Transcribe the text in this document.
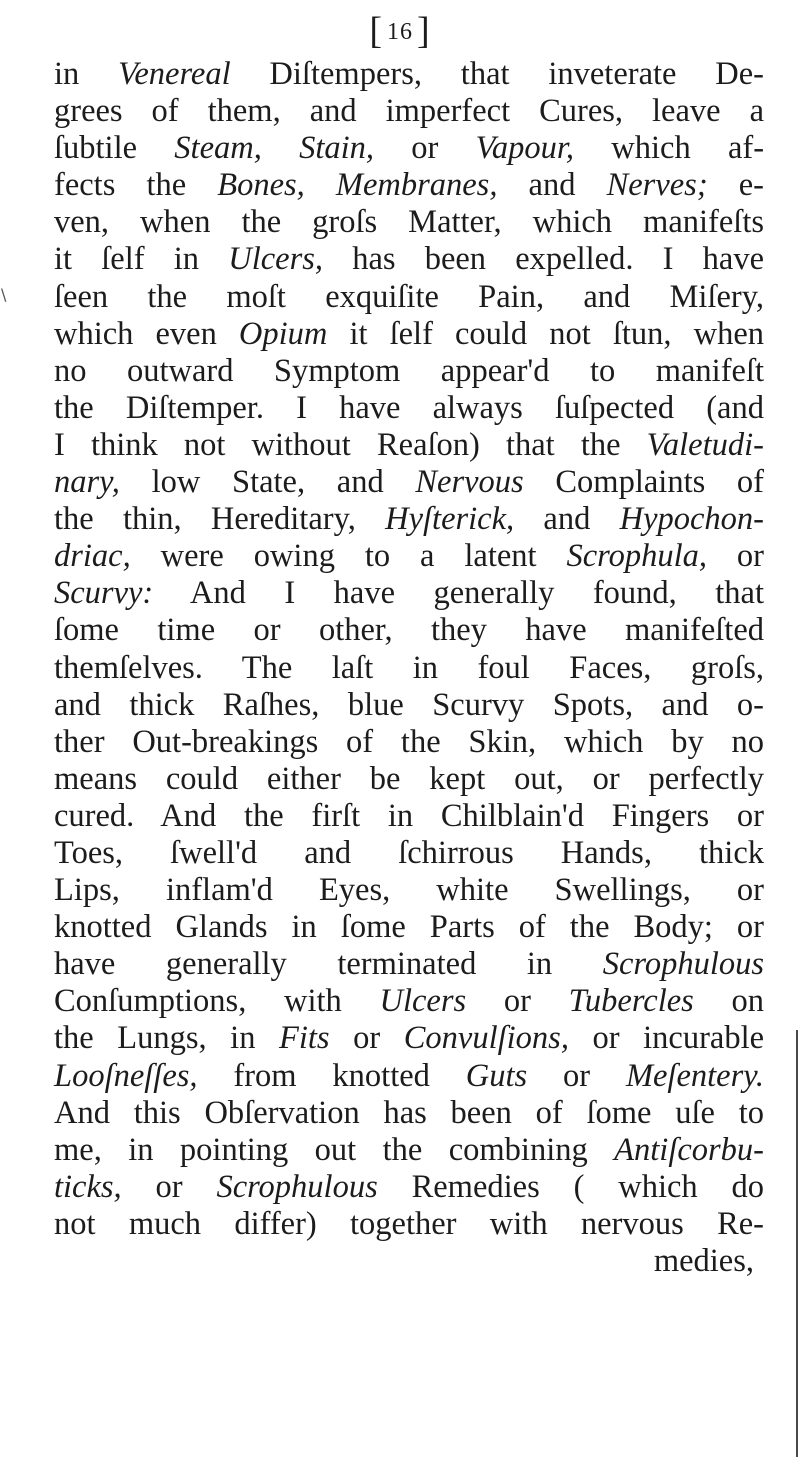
[ 16 ]
\
in Venereal Diſtempers, that inveterate De-
grees of them, and imperfect Cures, leave a
ſubtile Steam, Stain, or Vapour, which af-
fects the Bones, Membranes, and Nerves; e-
ven, when the groſs Matter, which manifeſts
it ſelf in Ulcers, has been expelled. I have
ſeen the moſt exquiſite Pain, and Miſery,
which even Opium it ſelf could not ſtun, when
no outward Symptom appear'd to manifeſt
the Diſtemper. I have always ſuſpected (and
I think not without Reaſon) that the Valetudi-
nary, low State, and Nervous Complaints of
the thin, Hereditary, Hyſterick, and Hypochon-
driac, were owing to a latent Scrophula, or
Scurvy: And I have generally found, that
ſome time or other, they have manifeſted
themſelves. The laſt in foul Faces, groſs,
and thick Raſhes, blue Scurvy Spots, and o-
ther Out-breakings of the Skin, which by no
means could either be kept out, or perfectly
cured. And the firſt in Chilblain'd Fingers or
Toes, ſwell'd and ſchirrous Hands, thick
Lips, inflam'd Eyes, white Swellings, or
knotted Glands in ſome Parts of the Body; or
have generally terminated in Scrophulous
Conſumptions, with Ulcers or Tubercles on
the Lungs, in Fits or Convulſions, or incurable
Looſneſſes, from knotted Guts or Meſentery.
And this Obſervation has been of ſome uſe to
me, in pointing out the combining Antiſcorbu-
ticks, or Scrophulous Remedies ( which do
not much differ) together with nervous Re-
medies,
